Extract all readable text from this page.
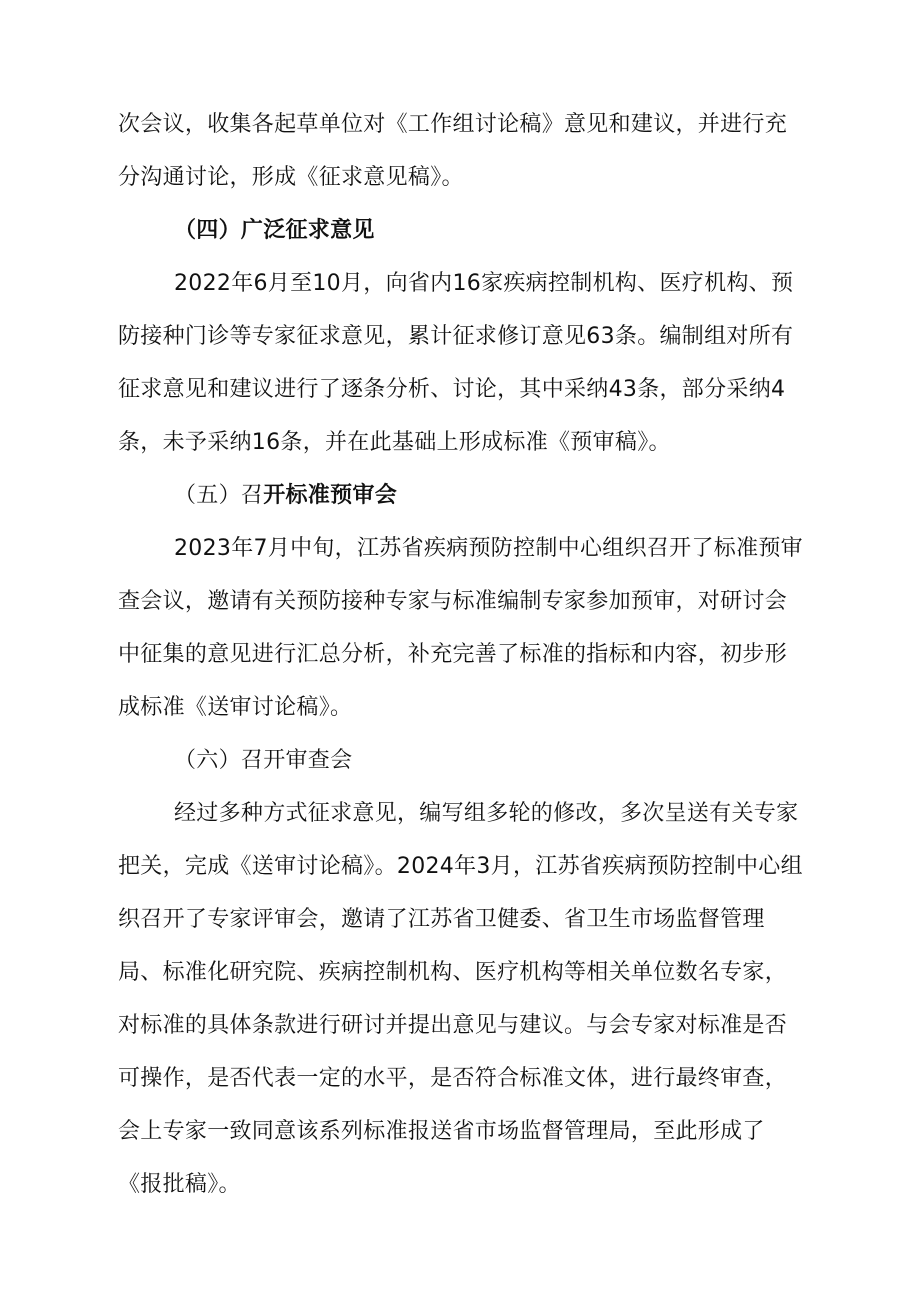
次会议，收集各起草单位对《工作组讨论稿》意见和建议，并进行充分沟通讨论，形成《征求意见稿》。

（四）广泛征求意见

2022年6月至10月，向省内16家疾病控制机构、医疗机构、预防接种门诊等专家征求意见，累计征求修订意见63条。编制组对所有征求意见和建议进行了逐条分析、讨论，其中采纳43条，部分采纳4条，未予采纳16条，并在此基础上形成标准《预审稿》。

（五）召开标准预审会

2023年7月中旬，江苏省疾病预防控制中心组织召开了标准预审查会议，邀请有关预防接种专家与标准编制专家参加预审，对研讨会中征集的意见进行汇总分析，补充完善了标准的指标和内容，初步形成标准《送审讨论稿》。

（六）召开审查会

经过多种方式征求意见，编写组多轮的修改，多次呈送有关专家把关，完成《送审讨论稿》。2024年3月，江苏省疾病预防控制中心组织召开了专家评审会，邀请了江苏省卫健委、省卫生市场监督管理局、标准化研究院、疾病控制机构、医疗机构等相关单位数名专家，对标准的具体条款进行研讨并提出意见与建议。与会专家对标准是否可操作，是否代表一定的水平，是否符合标准文体，进行最终审查，会上专家一致同意该系列标准报送省市场监督管理局，至此形成了《报批稿》。
